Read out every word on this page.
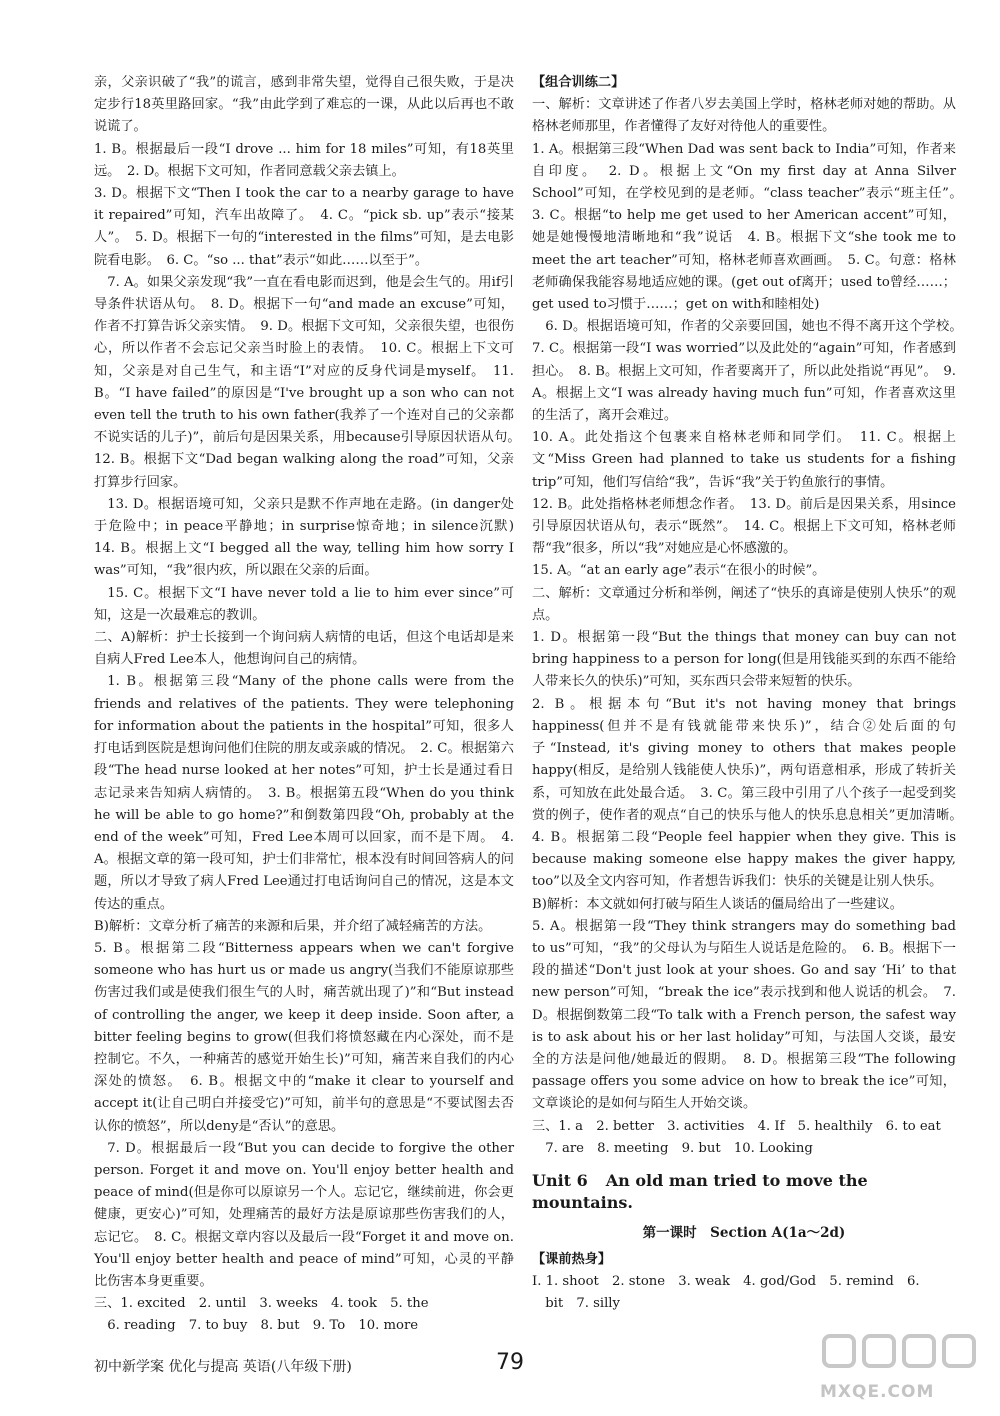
亲，父亲识破了“我”的谎言，感到非常失望，觉得自己很失败，于是决定步行18英里路回家。“我”由此学到了难忘的一课，从此以后再也不敢说谎了。

1. B。根据最后一段“I drove ... him for 18 miles”可知，有18英里远。　2. D。根据下文可知，作者同意载父亲去镇上。

3. D。根据下文“Then I took the car to a nearby garage to have it repaired”可知，汽车出故障了。　4. C。“pick sb. up”表示“接某人”。　5. D。根据下一句的“interested in the films”可知，是去电影院看电影。　6. C。“so ... that”表示“如此……以至于”。

7. A。如果父亲发现“我”一直在看电影而迟到，他是会生气的。用if引导条件状语从句。　8. D。根据下一句“and made an excuse”可知，作者不打算告诉父亲实情。　9. D。根据下文可知，父亲很失望，也很伤心，所以作者不会忘记父亲当时脸上的表情。　10. C。根据上下文可知，父亲是对自己生气，和主语“I”对应的反身代词是myself。　11. B。“I have failed”的原因是“I've brought up a son who can not even tell the truth to his own father(我养了一个连对自己的父亲都不说实话的儿子)”，前后句是因果关系，用because引导原因状语从句。　12. B。根据下文“Dad began walking along the road”可知，父亲打算步行回家。

13. D。根据语境可知，父亲只是默不作声地在走路。(in danger处于危险中；in peace平静地；in surprise惊奇地；in silence沉默)　14. B。根据上文“I begged all the way, telling him how sorry I was”可知，“我”很内疚，所以跟在父亲的后面。

15. C。根据下文“I have never told a lie to him ever since”可知，这是一次最难忘的教训。

二、A)解析：护士长接到一个询问病人病情的电话，但这个电话却是来自病人Fred Lee本人，他想询问自己的病情。

1. B。根据第三段“Many of the phone calls were from the friends and relatives of the patients. They were telephoning for information about the patients in the hospital”可知，很多人打电话到医院是想询问他们住院的朋友或亲戚的情况。　2. C。根据第六段“The head nurse looked at her notes”可知，护士长是通过看日志记录来告知病人病情的。　3. B。根据第五段“When do you think he will be able to go home?”和倒数第四段“Oh, probably at the end of the week”可知，Fred Lee本周可以回家，而不是下周。　4. A。根据文章的第一段可知，护士们非常忙，根本没有时间回答病人的问题，所以才导致了病人Fred Lee通过打电话询问自己的情况，这是本文传达的重点。

B)解析：文章分析了痛苦的来源和后果，并介绍了减轻痛苦的方法。

5. B。根据第二段“Bitterness appears when we can't forgive someone who has hurt us or made us angry(当我们不能原谅那些伤害过我们或是使我们很生气的人时，痛苦就出现了)”和“But instead of controlling the anger, we keep it deep inside. Soon after, a bitter feeling begins to grow(但我们将愤怒藏在内心深处，而不是控制它。不久，一种痛苦的感觉开始生长)”可知，痛苦来自我们的内心深处的愤怒。　6. B。根据文中的“make it clear to yourself and accept it(让自己明白并接受它)”可知，前半句的意思是“不要试图去否认你的愤怒”，所以deny是“否认”的意思。

7. D。根据最后一段“But you can decide to forgive the other person. Forget it and move on. You'll enjoy better health and peace of mind(但是你可以原谅另一个人。忘记它，继续前进，你会更健康，更安心)”可知，处理痛苦的最好方法是原谅那些伤害我们的人，忘记它。　8. C。根据文章内容以及最后一段“Forget it and move on. You'll enjoy better health and peace of mind”可知，心灵的平静比伤害本身更重要。

三、1. excited　2. until　3. weeks　4. took　5. the

6. reading　7. to buy　8. but　9. To　10. more

【组合训练二】

一、解析：文章讲述了作者八岁去美国上学时，格林老师对她的帮助。从格林老师那里，作者懂得了友好对待他人的重要性。

1. A。根据第三段“When Dad was sent back to India”可知，作者来自印度。　2. D。根据上文“On my first day at Anna Silver School”可知，在学校见到的是老师。“class teacher”表示“班主任”。　3. C。根据“to help me get used to her American accent”可知，她是她慢慢地清晰地和“我”说话　4. B。根据下文“she took me to meet the art teacher”可知，格林老师喜欢画画。　5. C。句意：格林老师确保我能容易地适应她的课。(get out of离开；used to曾经……；get used to习惯于……；get on with和睦相处)

6. D。根据语境可知，作者的父亲要回国，她也不得不离开这个学校。　7. C。根据第一段“I was worried”以及此处的“again”可知，作者感到担心。　8. B。根据上文可知，作者要离开了，所以此处指说“再见”。　9. A。根据上文“I was already having much fun”可知，作者喜欢这里的生活了，离开会难过。

10. A。此处指这个包裹来自格林老师和同学们。　11. C。根据上文“Miss Green had planned to take us students for a fishing trip”可知，他们写信给“我”，告诉“我”关于钓鱼旅行的事情。

12. B。此处指格林老师想念作者。　13. D。前后是因果关系，用since引导原因状语从句，表示“既然”。　14. C。根据上下文可知，格林老师帮“我”很多，所以“我”对她应是心怀感激的。

15. A。“at an early age”表示“在很小的时候”。

二、解析：文章通过分析和举例，阐述了“快乐的真谛是使别人快乐”的观点。

1. D。根据第一段“But the things that money can buy can not bring happiness to a person for long(但是用钱能买到的东西不能给人带来长久的快乐)”可知，买东西只会带来短暂的快乐。

2. B。根据本句“But it's not having money that brings happiness(但并不是有钱就能带来快乐)”，结合②处后面的句子“Instead, it's giving money to others that makes people happy(相反，是给别人钱能使人快乐)”，两句语意相承，形成了转折关系，可知放在此处最合适。　3. C。第三段中引用了八个孩子一起受到奖赏的例子，使作者的观点“自己的快乐与他人的快乐息息相关”更加清晰。　4. B。根据第二段“People feel happier when they give. This is because making someone else happy makes the giver happy, too”以及全文内容可知，作者想告诉我们：快乐的关键是让别人快乐。

B)解析：本文就如何打破与陌生人谈话的僵局给出了一些建议。

5. A。根据第一段“They think strangers may do something bad to us”可知，“我”的父母认为与陌生人说话是危险的。　6. B。根据下一段的描述“Don't just look at your shoes. Go and say ‘Hi’ to that new person”可知，“break the ice”表示找到和他人说话的机会。　7. D。根据倒数第二段“To talk with a French person, the safest way is to ask about his or her last holiday”可知，与法国人交谈，最安全的方法是问他/她最近的假期。　8. D。根据第三段“The following passage offers you some advice on how to break the ice”可知，文章谈论的是如何与陌生人开始交谈。

三、1. a　2. better　3. activities　4. If　5. healthily　6. to eat

7. are　8. meeting　9. but　10. Looking

Unit 6 An old man tried to move the mountains.
第一课时　Section A(1a～2d)

【课前热身】

Ⅰ. 1. shoot　2. stone　3. weak　4. god/God　5. remind　6.

bit　7. silly

初中新学案 优化与提高 英语(八年级下册)	79
MXQE.COM
